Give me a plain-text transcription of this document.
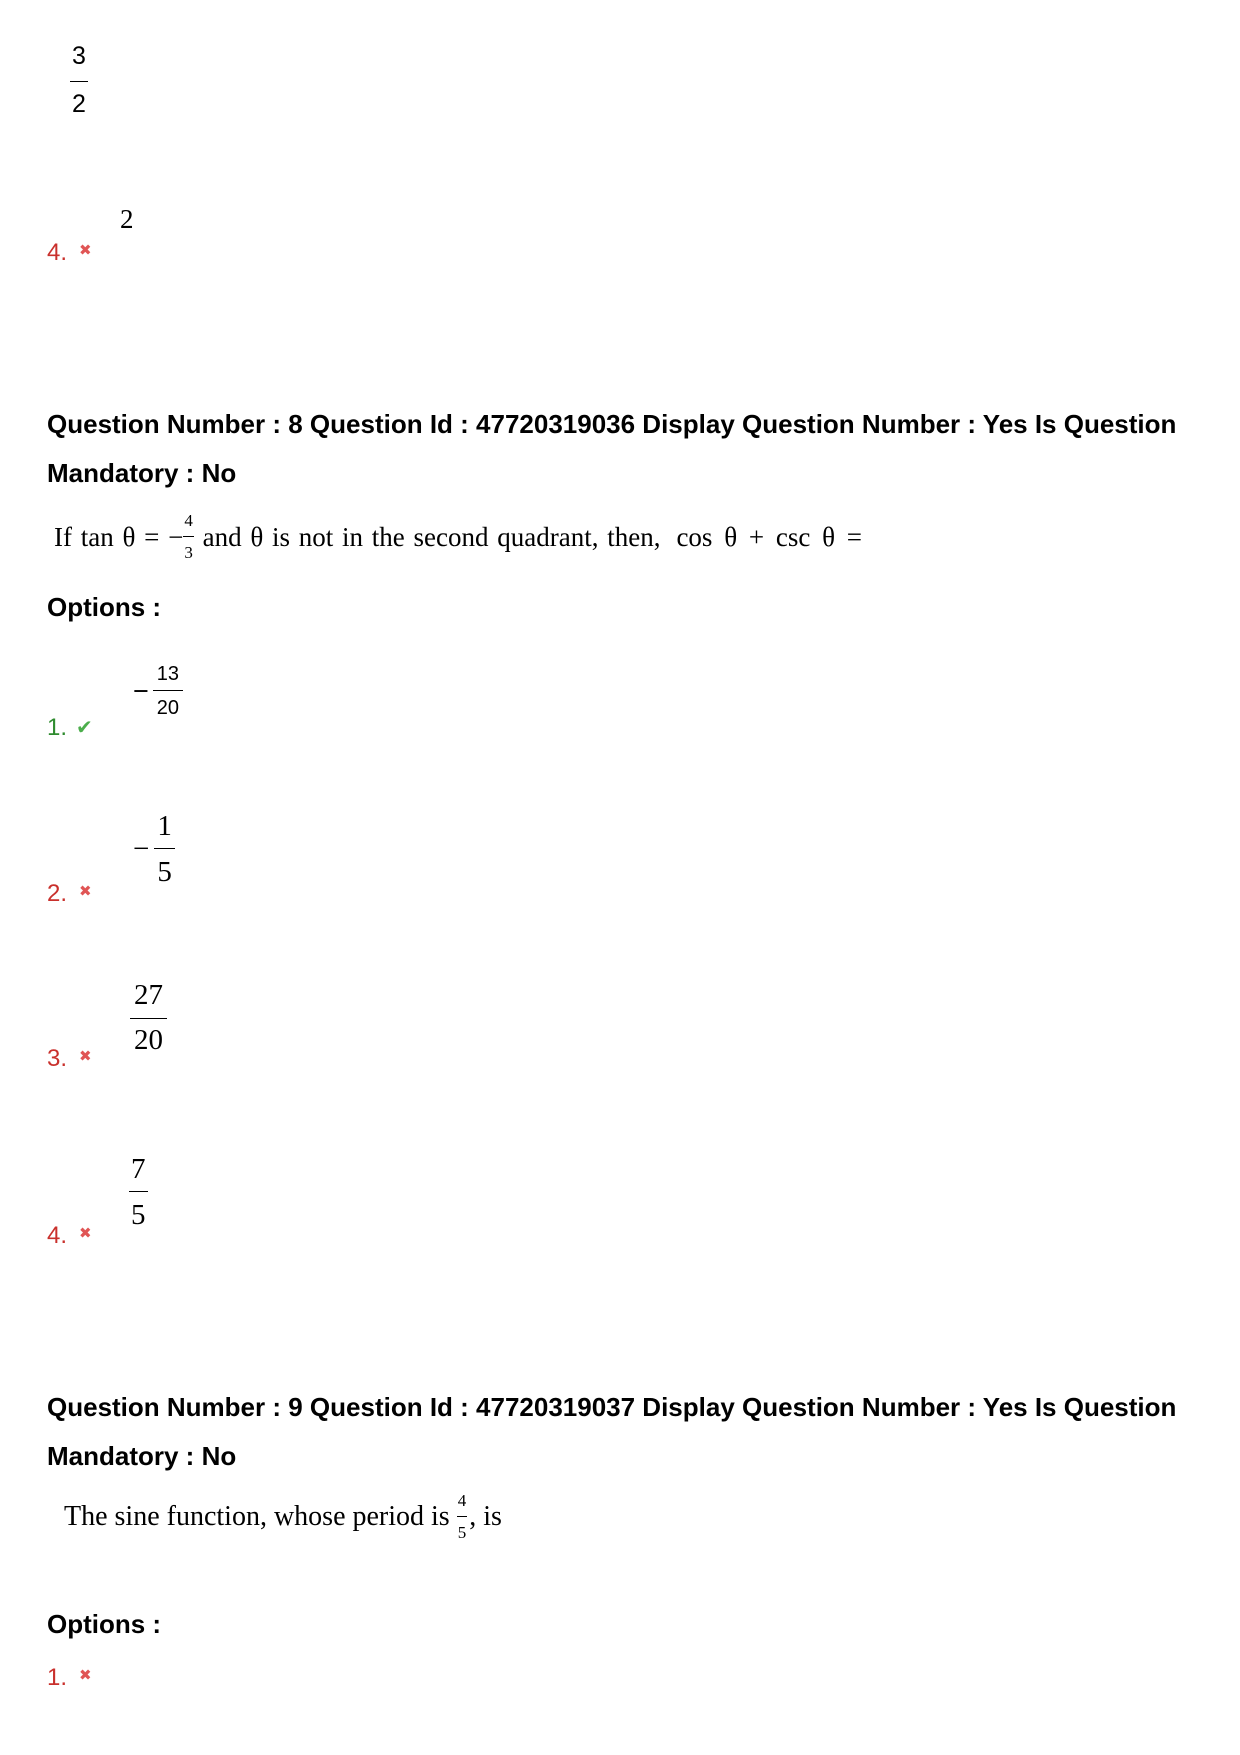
$\frac{3}{2}$
2
4.
✖
Question Number : 8 Question Id : 47720319036 Display Question Number : Yes Is Question Mandatory : No
If tan θ = − $\frac{4}{3}$ and θ is not in the second quadrant, then, cos θ + csc θ =
Options :
− $\frac{13}{20}$
1.
✔
− $\frac{1}{5}$
2.
✖
$\frac{27}{20}$
3.
✖
$\frac{7}{5}$
4.
✖
Question Number : 9 Question Id : 47720319037 Display Question Number : Yes Is Question Mandatory : No
The sine function, whose period is $\frac{4}{5}$ , is
Options :
1.
✖
